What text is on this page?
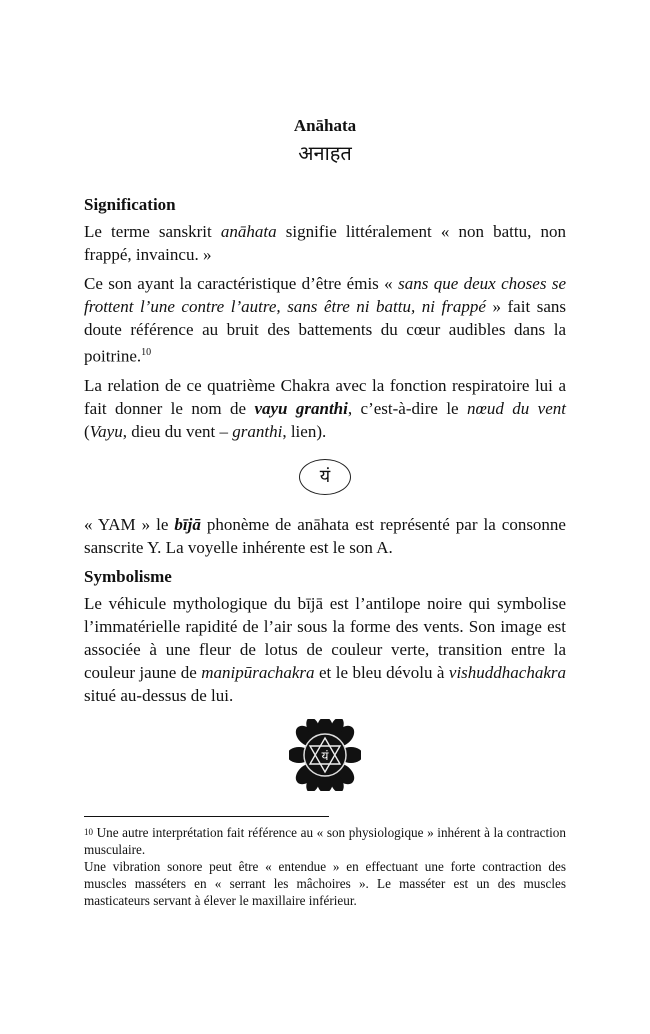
Anāhata
अनाहत

Signification

Le terme sanskrit anāhata signifie littéralement « non battu, non frappé, invaincu. »

Ce son ayant la caractéristique d’être émis « sans que deux choses se frottent l’une contre l’autre, sans être ni battu, ni frappé » fait sans doute référence au bruit des battements du cœur audibles dans la poitrine.$^{10}$

La relation de ce quatrième Chakra avec la fonction respiratoire lui a fait donner le nom de vayu granthi, c’est-à-dire le nœud du vent (Vayu, dieu du vent – granthi, lien).

यं

« YAM » le bījā phonème de anāhata est représenté par la consonne sanscrite Y. La voyelle inhérente est le son A.

Symbolisme

Le véhicule mythologique du bījā est l’antilope noire qui symbolise l’immatérielle rapidité de l’air sous la forme des vents. Son image est associée à une fleur de lotus de couleur verte, transition entre la couleur jaune de manipūrachakra et le bleu dévolu à vishuddhachakra situé au-dessus de lui.

यं

$^{10}$ Une autre interprétation fait référence au « son physiologique » inhérent à la contraction musculaire.

Une vibration sonore peut être « entendue » en effectuant une forte contraction des muscles masséters en « serrant les mâchoires ». Le masséter est un des muscles masticateurs servant à élever le maxillaire inférieur.
